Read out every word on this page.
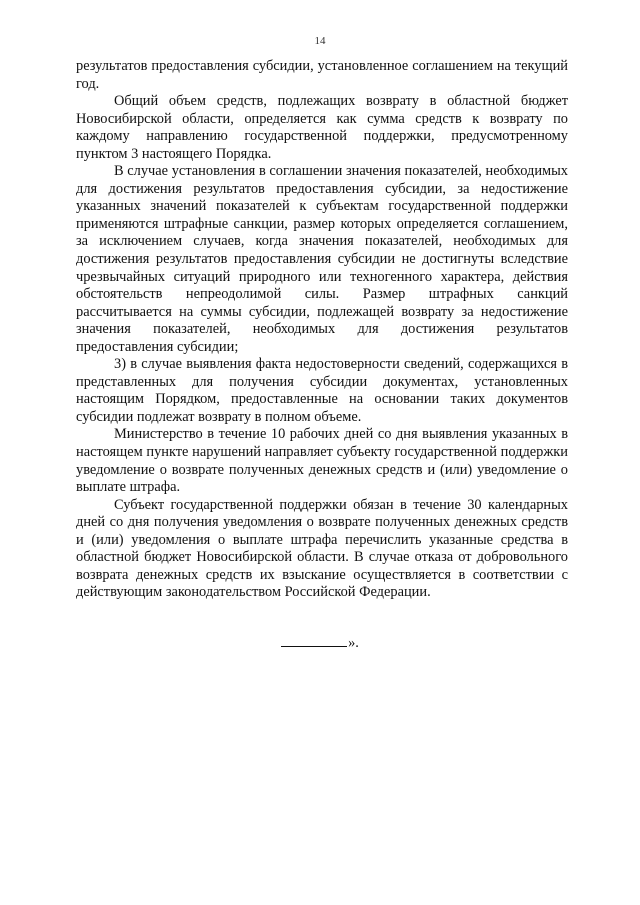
14

результатов предоставления субсидии, установленное соглашением на текущий год.

Общий объем средств, подлежащих возврату в областной бюджет Новосибирской области, определяется как сумма средств к возврату по каждому направлению государственной поддержки, предусмотренному пунктом 3 настоящего Порядка.

В случае установления в соглашении значения показателей, необходимых для достижения результатов предоставления субсидии, за недостижение указанных значений показателей к субъектам государственной поддержки применяются штрафные санкции, размер которых определяется соглашением, за исключением случаев, когда значения показателей, необходимых для достижения результатов предоставления субсидии не достигнуты вследствие чрезвычайных ситуаций природного или техногенного характера, действия обстоятельств непреодолимой силы. Размер штрафных санкций рассчитывается на суммы субсидии, подлежащей возврату за недостижение значения показателей, необходимых для достижения результатов предоставления субсидии;

3) в случае выявления факта недостоверности сведений, содержащихся в представленных для получения субсидии документах, установленных настоящим Порядком, предоставленные на основании таких документов субсидии подлежат возврату в полном объеме.

Министерство в течение 10 рабочих дней со дня выявления указанных в настоящем пункте нарушений направляет субъекту государственной поддержки уведомление о возврате полученных денежных средств и (или) уведомление о выплате штрафа.

Субъект государственной поддержки обязан в течение 30 календарных дней со дня получения уведомления о возврате полученных денежных средств и (или) уведомления о выплате штрафа перечислить указанные средства в областной бюджет Новосибирской области. В случае отказа от добровольного возврата денежных средств их взыскание осуществляется в соответствии с действующим законодательством Российской Федерации.

».
